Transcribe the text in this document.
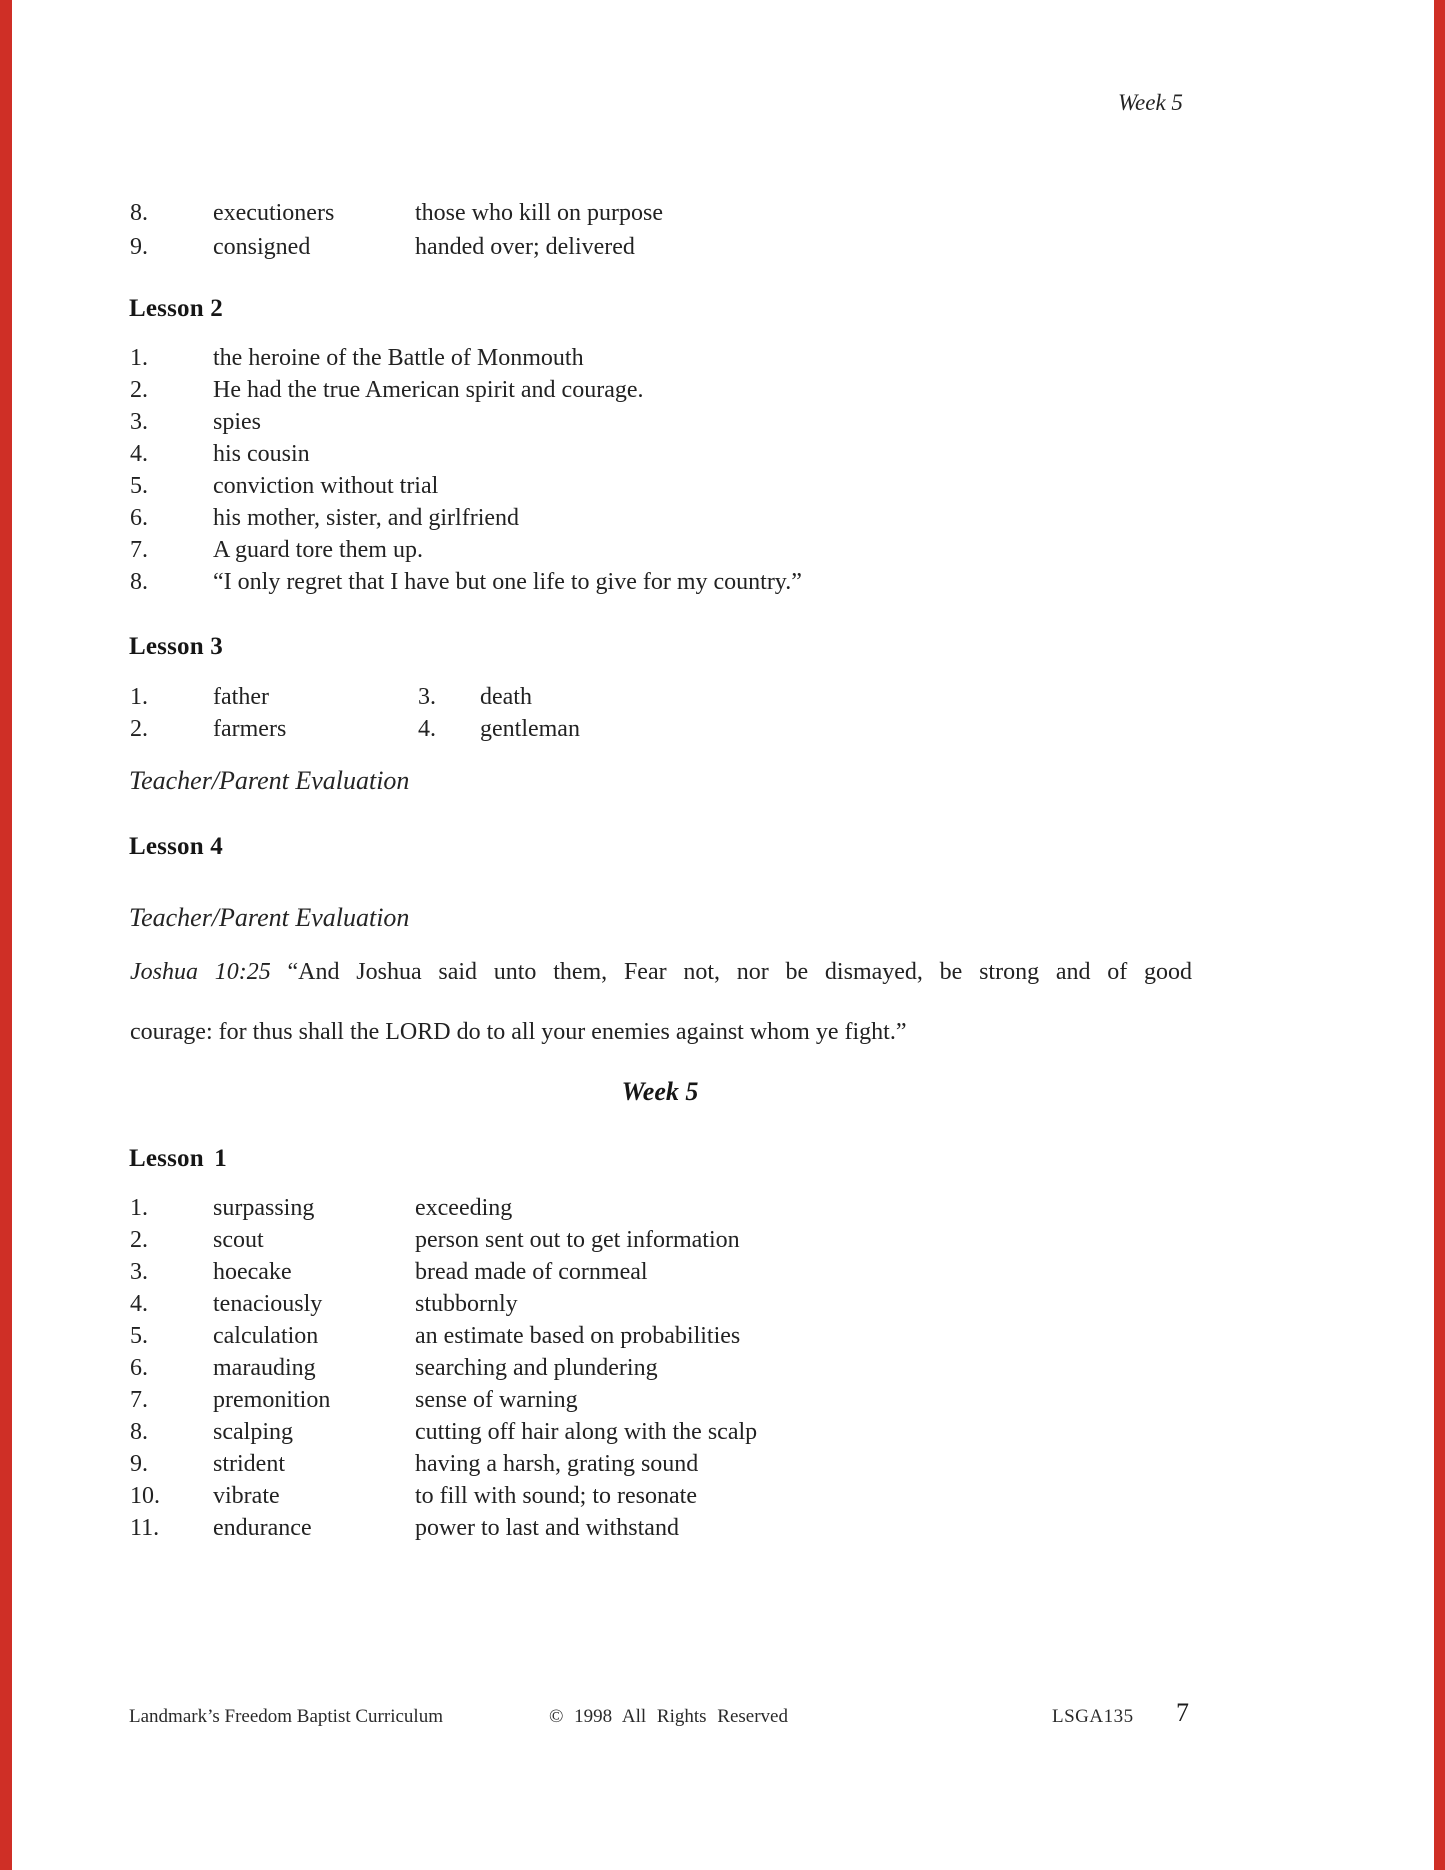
Week 5
8.	executioners	those who kill on purpose
9.	consigned	handed over; delivered
Lesson 2
1.	the heroine of the Battle of Monmouth
2.	He had the true American spirit and courage.
3.	spies
4.	his cousin
5.	conviction without trial
6.	his mother, sister, and girlfriend
7.	A guard tore them up.
8.	“I only regret that I have but one life to give for my country.”
Lesson 3
1.	father	3.	death
2.	farmers	4.	gentleman
Teacher/Parent Evaluation
Lesson 4
Teacher/Parent Evaluation
Joshua 10:25 “And Joshua said unto them, Fear not, nor be dismayed, be strong and of good
courage: for thus shall the LORD do to all your enemies against whom ye fight.”
Week 5
Lesson 1
1.	surpassing	exceeding
2.	scout	person sent out to get information
3.	hoecake	bread made of cornmeal
4.	tenaciously	stubbornly
5.	calculation	an estimate based on probabilities
6.	marauding	searching and plundering
7.	premonition	sense of warning
8.	scalping	cutting off hair along with the scalp
9.	strident	having a harsh, grating sound
10.	vibrate	to fill with sound; to resonate
11.	endurance	power to last and withstand
Landmark’s Freedom Baptist Curriculum	© 1998 All Rights Reserved	LSGA135 7
